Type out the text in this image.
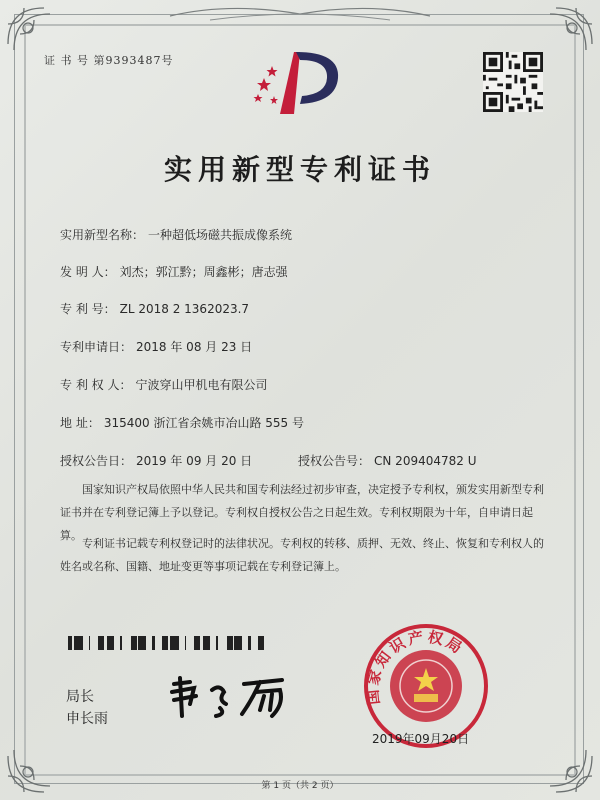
证 书 号 第9393487号
实用新型专利证书
实用新型名称： 一种超低场磁共振成像系统
发 明 人： 刘杰；郭江黔；周鑫彬；唐志强
专 利 号： ZL 2018 2 1362023.7
专利申请日： 2018 年 08 月 23 日
专 利 权 人： 宁波穿山甲机电有限公司
地 址： 315400 浙江省余姚市冶山路 555 号
授权公告日： 2019 年 09 月 20 日	授权公告号： CN 209404782 U
国家知识产权局依照中华人民共和国专利法经过初步审查，决定授予专利权，颁发实用新型专利证书并在专利登记簿上予以登记。专利权自授权公告之日起生效。专利权期限为十年，自申请日起算。
专利证书记载专利权登记时的法律状况。专利权的转移、质押、无效、终止、恢复和专利权人的姓名或名称、国籍、地址变更等事项记载在专利登记簿上。
局长
申长雨
国家知识产权局
2019年09月20日
第 1 页（共 2 页）
